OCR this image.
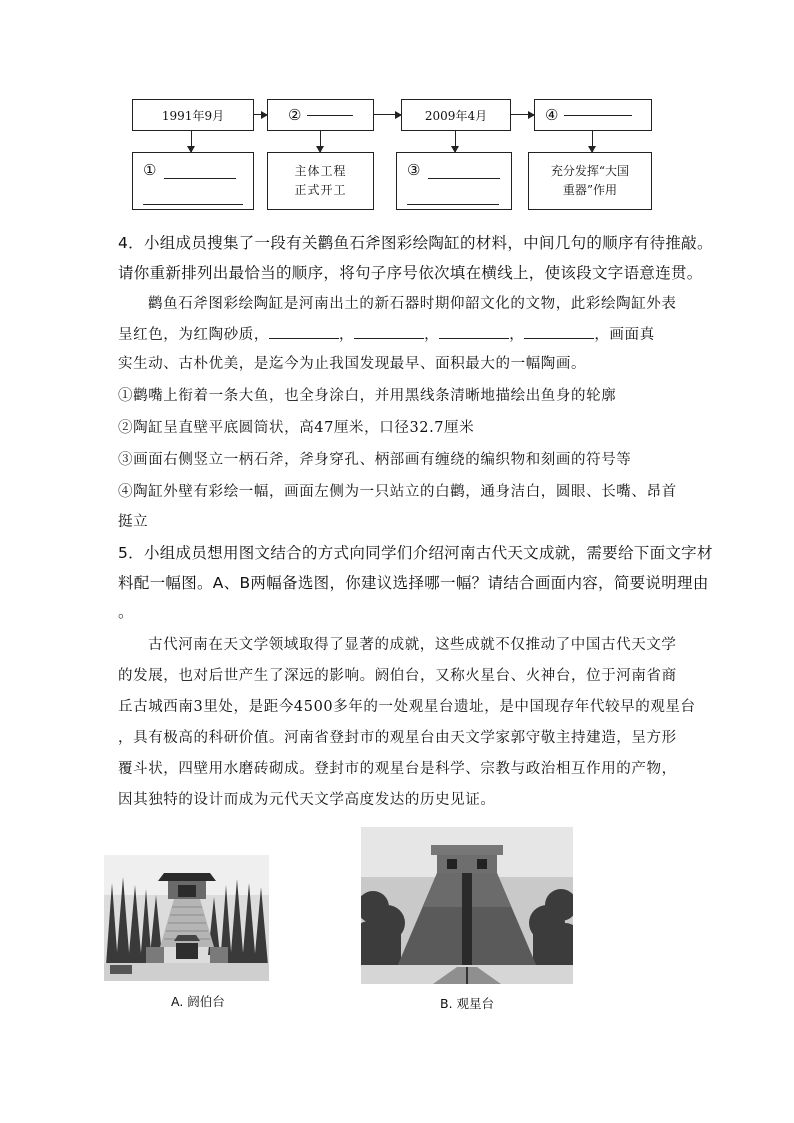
1991年9月	②	2009年4月	④
①	主体工程
正式开工
③	充分发挥“大国
重器”作用
4．小组成员搜集了一段有关鹳鱼石斧图彩绘陶缸的材料，中间几句的顺序有待推敲。
请你重新排列出最恰当的顺序，将句子序号依次填在横线上，使该段文字语意连贯。
鹳鱼石斧图彩绘陶缸是河南出土的新石器时期仰韶文化的文物，此彩绘陶缸外表
呈红色，为红陶砂质，	，	，	，	，画面真
实生动、古朴优美，是迄今为止我国发现最早、面积最大的一幅陶画。
①鹳嘴上衔着一条大鱼，也全身涂白，并用黑线条清晰地描绘出鱼身的轮廓
②陶缸呈直壁平底圆筒状，高47厘米，口径32.7厘米
③画面右侧竖立一柄石斧，斧身穿孔、柄部画有缠绕的编织物和刻画的符号等
④陶缸外壁有彩绘一幅，画面左侧为一只站立的白鹳，通身洁白，圆眼、长嘴、昂首
挺立
5．小组成员想用图文结合的方式向同学们介绍河南古代天文成就，需要给下面文字材
料配一幅图。A、B两幅备选图，你建议选择哪一幅？请结合画面内容，简要说明理由
。
古代河南在天文学领域取得了显著的成就，这些成就不仅推动了中国古代天文学
的发展，也对后世产生了深远的影响。阏伯台，又称火星台、火神台，位于河南省商
丘古城西南3里处，是距今4500多年的一处观星台遗址，是中国现存年代较早的观星台
，具有极高的科研价值。河南省登封市的观星台由天文学家郭守敬主持建造，呈方形
覆斗状，四壁用水磨砖砌成。登封市的观星台是科学、宗教与政治相互作用的产物，
因其独特的设计而成为元代天文学高度发达的历史见证。
A. 阏伯台	B. 观星台
